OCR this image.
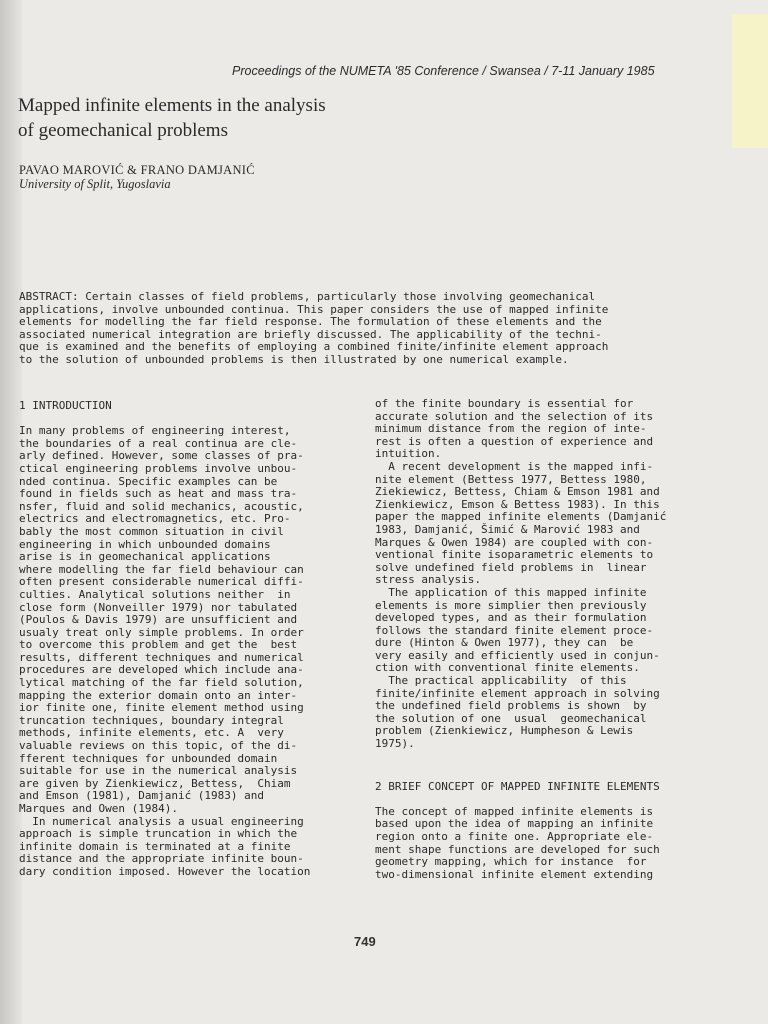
Proceedings of the NUMETA '85 Conference / Swansea / 7-11 January 1985
Mapped infinite elements in the analysis
of geomechanical problems
PAVAO MAROVIĆ & FRANO DAMJANIĆ
University of Split, Yugoslavia
ABSTRACT: Certain classes of field problems, particularly those involving geomechanical
applications, involve unbounded continua. This paper considers the use of mapped infinite
elements for modelling the far field response. The formulation of these elements and the
associated numerical integration are briefly discussed. The applicability of the techni-
que is examined and the benefits of employing a combined finite/infinite element approach
to the solution of unbounded problems is then illustrated by one numerical example.
1 INTRODUCTION
In many problems of engineering interest,
the boundaries of a real continua are cle-
arly defined. However, some classes of pra-
ctical engineering problems involve unbou-
nded continua. Specific examples can be
found in fields such as heat and mass tra-
nsfer, fluid and solid mechanics, acoustic,
electrics and electromagnetics, etc. Pro-
bably the most common situation in civil
engineering in which unbounded domains
arise is in geomechanical applications
where modelling the far field behaviour can
often present considerable numerical diffi-
culties. Analytical solutions neither  in
close form (Nonveiller 1979) nor tabulated
(Poulos & Davis 1979) are unsufficient and
usualy treat only simple problems. In order
to overcome this problem and get the  best
results, different techniques and numerical
procedures are developed which include ana-
lytical matching of the far field solution,
mapping the exterior domain onto an inter-
ior finite one, finite element method using
truncation techniques, boundary integral
methods, infinite elements, etc. A  very
valuable reviews on this topic, of the di-
fferent techniques for unbounded domain
suitable for use in the numerical analysis
are given by Zienkiewicz, Bettess,  Chiam
and Emson (1981), Damjanić (1983) and
Marques and Owen (1984).
In numerical analysis a usual engineering
approach is simple truncation in which the
infinite domain is terminated at a finite
distance and the appropriate infinite boun-
dary condition imposed. However the location
of the finite boundary is essential for
accurate solution and the selection of its
minimum distance from the region of inte-
rest is often a question of experience and
intuition.
A recent development is the mapped infi-
nite element (Bettess 1977, Bettess 1980,
Ziekiewicz, Bettess, Chiam & Emson 1981 and
Zienkiewicz, Emson & Bettess 1983). In this
paper the mapped infinite elements (Damjanić
1983, Damjanić, Šimić & Marović 1983 and
Marques & Owen 1984) are coupled with con-
ventional finite isoparametric elements to
solve undefined field problems in  linear
stress analysis.
The application of this mapped infinite
elements is more simplier then previously
developed types, and as their formulation
follows the standard finite element proce-
dure (Hinton & Owen 1977), they can  be
very easily and efficiently used in conjun-
ction with conventional finite elements.
The practical applicability  of this
finite/infinite element approach in solving
the undefined field problems is shown  by
the solution of one  usual  geomechanical
problem (Zienkiewicz, Humpheson & Lewis
1975).
2 BRIEF CONCEPT OF MAPPED INFINITE ELEMENTS
The concept of mapped infinite elements is
based upon the idea of mapping an infinite
region onto a finite one. Appropriate ele-
ment shape functions are developed for such
geometry mapping, which for instance  for
two-dimensional infinite element extending
749
